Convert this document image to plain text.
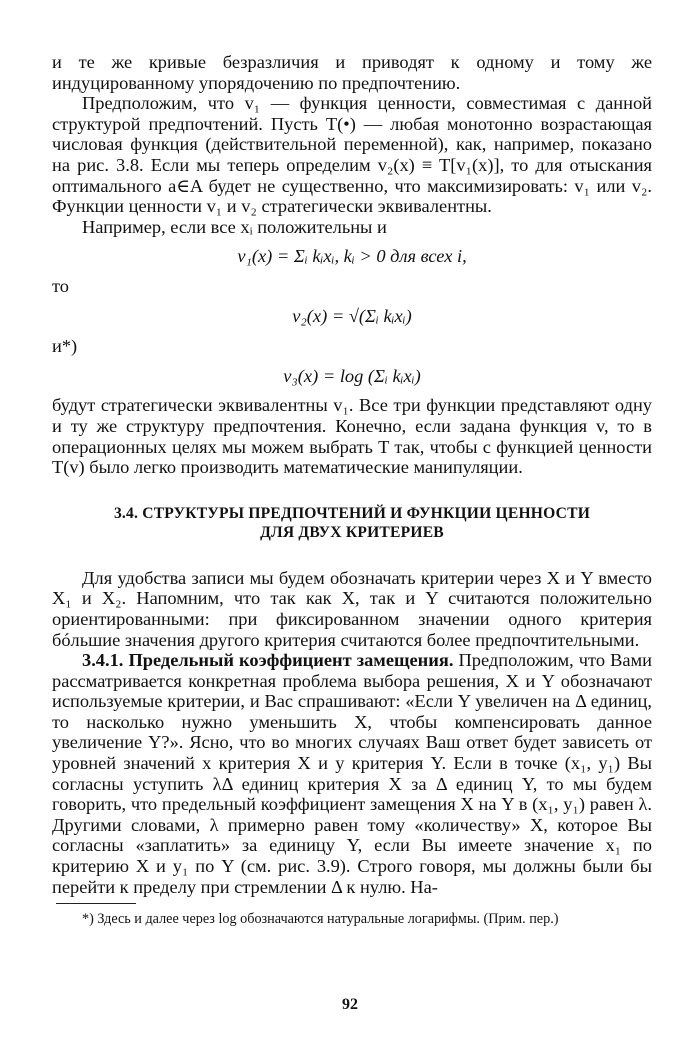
и те же кривые безразличия и приводят к одному и тому же индуцированному упорядочению по предпочтению.

Предположим, что v₁ — функция ценности, совместимая с данной структурой предпочтений. Пусть T(•) — любая монотонно возрастающая числовая функция (действительной переменной), как, например, показано на рис. 3.8. Если мы теперь определим v₂(x) ≡ T[v₁(x)], то для отыскания оптимального a∈A будет не существенно, что максимизировать: v₁ или v₂. Функции ценности v₁ и v₂ стратегически эквивалентны.

Например, если все xᵢ положительны и

v₁(x) = Σᵢ kᵢxᵢ, kᵢ > 0 для всех i,

то

v₂(x) = √(Σᵢ kᵢxᵢ)

и*)

v₃(x) = log (Σᵢ kᵢxᵢ)

будут стратегически эквивалентны v₁. Все три функции представляют одну и ту же структуру предпочтения. Конечно, если задана функция v, то в операционных целях мы можем выбрать T так, чтобы с функцией ценности T(v) было легко производить математические манипуляции.

3.4. СТРУКТУРЫ ПРЕДПОЧТЕНИЙ И ФУНКЦИИ ЦЕННОСТИ

ДЛЯ ДВУХ КРИТЕРИЕВ

Для удобства записи мы будем обозначать критерии через X и Y вместо X₁ и X₂. Напомним, что так как X, так и Y считаются положительно ориентированными: при фиксированном значении одного критерия бóльшие значения другого критерия считаются более предпочтительными.

3.4.1. Предельный коэффициент замещения. Предположим, что Вами рассматривается конкретная проблема выбора решения, X и Y обозначают используемые критерии, и Вас спрашивают: «Если Y увеличен на Δ единиц, то насколько нужно уменьшить X, чтобы компенсировать данное увеличение Y?». Ясно, что во многих случаях Ваш ответ будет зависеть от уровней значений x критерия X и y критерия Y. Если в точке (x₁, y₁) Вы согласны уступить λΔ единиц критерия X за Δ единиц Y, то мы будем говорить, что предельный коэффициент замещения X на Y в (x₁, y₁) равен λ. Другими словами, λ примерно равен тому «количеству» X, которое Вы согласны «заплатить» за единицу Y, если Вы имеете значение x₁ по критерию X и y₁ по Y (см. рис. 3.9). Строго говоря, мы должны были бы перейти к пределу при стремлении Δ к нулю. На-

*) Здесь и далее через log обозначаются натуральные логарифмы. (Прим. пер.)

92
